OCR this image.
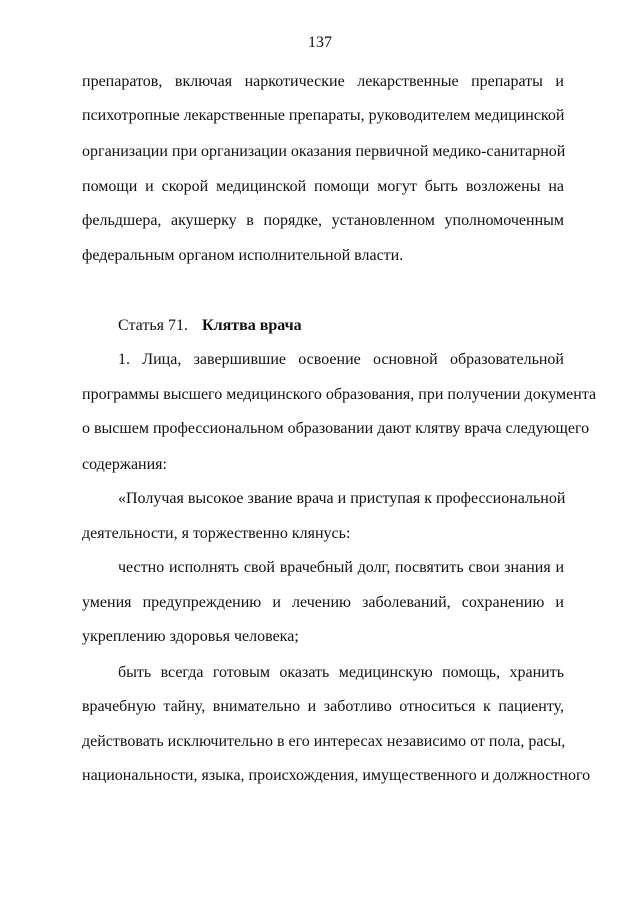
137
препаратов, включая наркотические лекарственные препараты и
психотропные лекарственные препараты, руководителем медицинской
организации при организации оказания первичной медико-санитарной
помощи и скорой медицинской помощи могут быть возложены на
фельдшера, акушерку в порядке, установленном уполномоченным
федеральным органом исполнительной власти.
Статья 71. Клятва врача
1. Лица, завершившие освоение основной образовательной
программы высшего медицинского образования, при получении документа
о высшем профессиональном образовании дают клятву врача следующего
содержания:
«Получая высокое звание врача и приступая к профессиональной
деятельности, я торжественно клянусь:
честно исполнять свой врачебный долг, посвятить свои знания и
умения предупреждению и лечению заболеваний, сохранению и
укреплению здоровья человека;
быть всегда готовым оказать медицинскую помощь, хранить
врачебную тайну, внимательно и заботливо относиться к пациенту,
действовать исключительно в его интересах независимо от пола, расы,
национальности, языка, происхождения, имущественного и должностного
